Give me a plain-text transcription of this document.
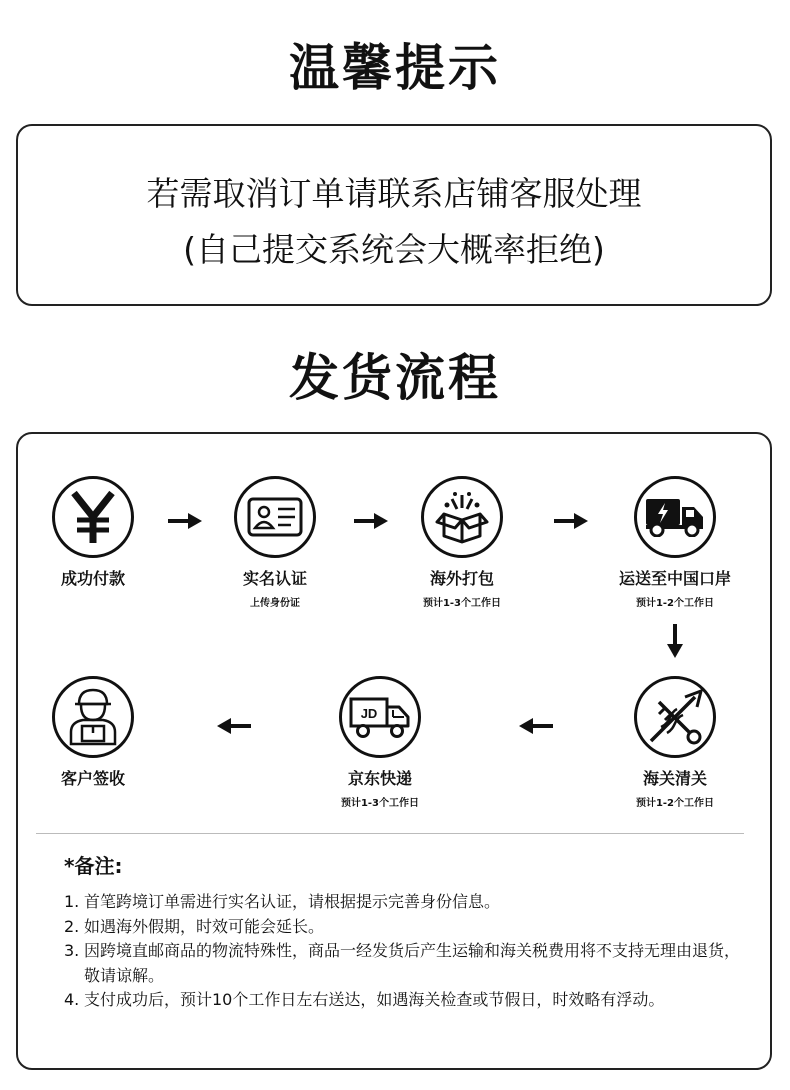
温馨提示
若需取消订单请联系店铺客服处理
(自己提交系统会大概率拒绝)
发货流程
成功付款	实名认证
上传身份证
海外打包
预计1-3个工作日
运送至中国口岸
预计1-2个工作日
海关清关
预计1-2个工作日
JD
京东快递
预计1-3个工作日
客户签收
*备注:

1. 首笔跨境订单需进行实名认证，请根据提示完善身份信息。

2. 如遇海外假期，时效可能会延长。

3. 因跨境直邮商品的物流特殊性，商品一经发货后产生运输和海关税费用将不支持无理由退货，敬请谅解。

4. 支付成功后，预计10个工作日左右送达，如遇海关检查或节假日，时效略有浮动。
